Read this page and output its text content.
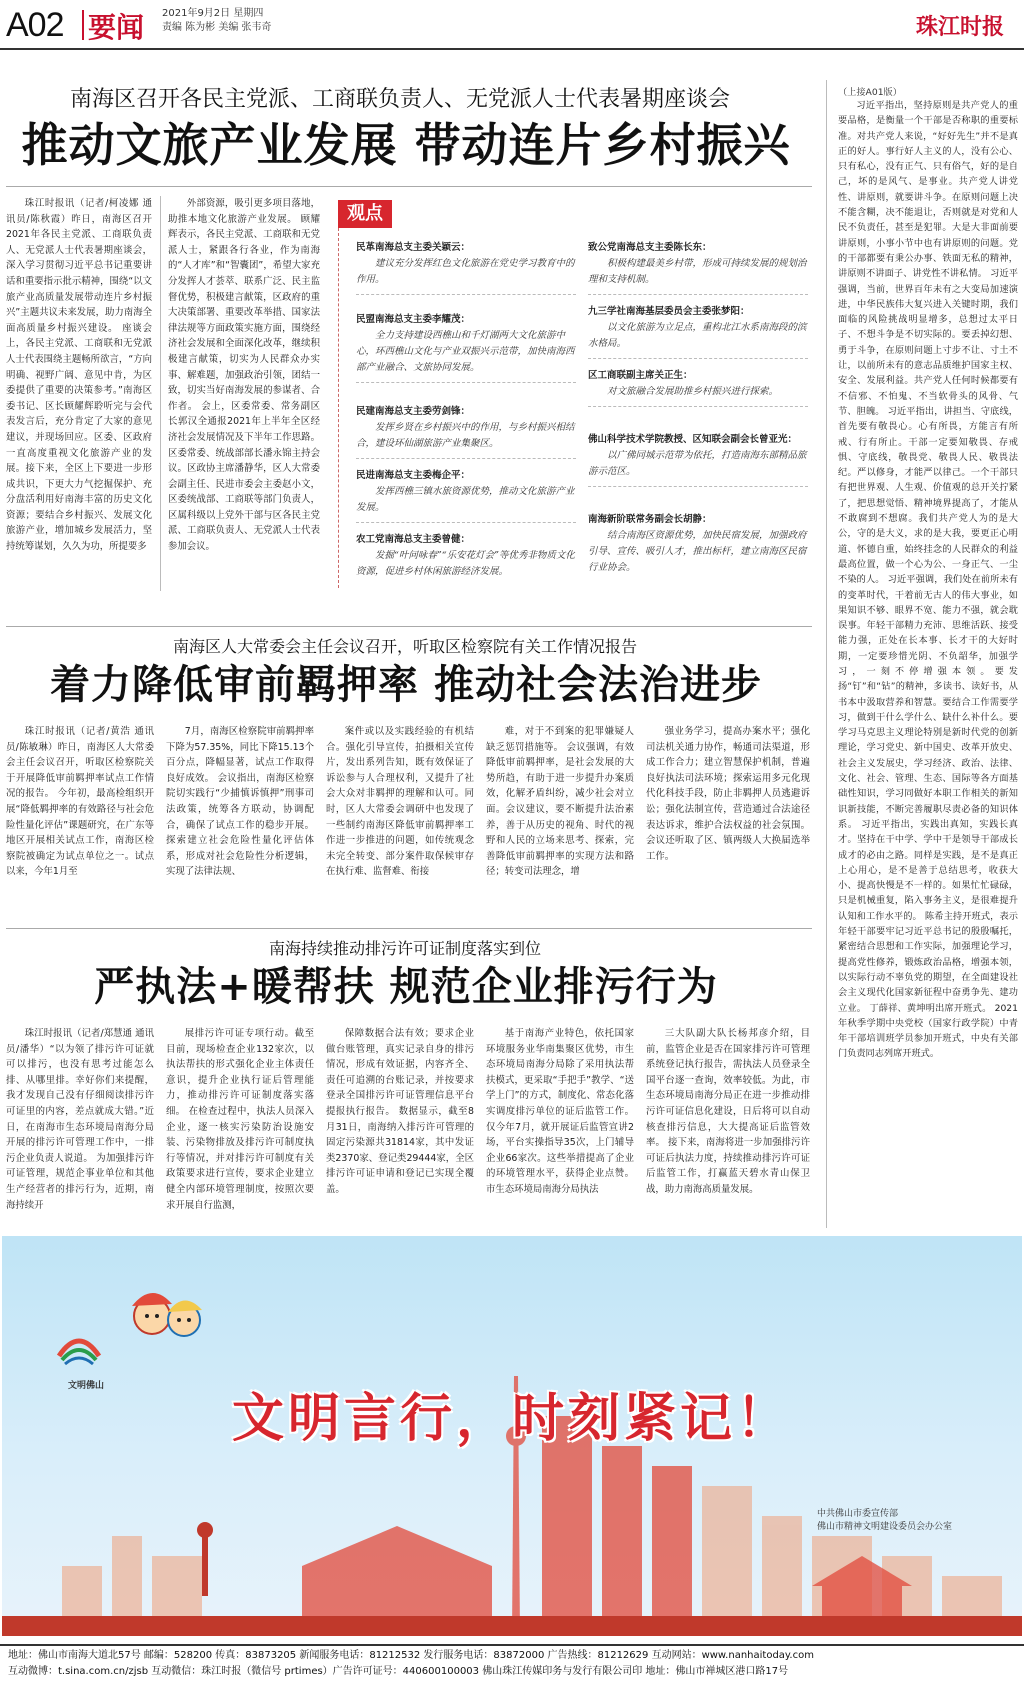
A02 要闻 2021年9月2日 星期四
责编 陈为彬 美编 张韦奇	珠江时报
南海区召开各民主党派、工商联负责人、无党派人士代表暑期座谈会
推动文旅产业发展 带动连片乡村振兴

珠江时报讯（记者/柯凌娜 通讯员/陈秋霞）昨日，南海区召开2021年各民主党派、工商联负责人、无党派人士代表暑期座谈会，深入学习贯彻习近平总书记重要讲话和重要指示批示精神，围绕“以文旅产业高质量发展带动连片乡村振兴”主题共议未来发展，助力南海全面高质量乡村振兴建设。 座谈会上，各民主党派、工商联和无党派人士代表围绕主题畅所欲言，“方向明确、视野广阔、意见中肯，为区委提供了重要的决策参考。”南海区委书记、区长顾耀辉聆听完与会代表发言后，充分肯定了大家的意见建议，并现场回应。区委、区政府一直高度重视文化旅游产业的发展。接下来，全区上下要进一步形成共识，下更大力气挖掘保护、充分盘活利用好南海丰富的历史文化资源；要结合乡村振兴、发展文化旅游产业，增加城乡发展活力，坚持统筹谋划，久久为功，所提要多

外部资源，吸引更多项目落地，助推本地文化旅游产业发展。 顾耀辉表示，各民主党派、工商联和无党派人士，紧跟各行各业，作为南海的“人才库”和“智囊团”，希望大家充分发挥人才荟萃、联系广泛、民主监督优势，积极建言献策，区政府的重大决策部署、重要改革举措、国家法律法规等方面政策实施方面，围绕经济社会发展和全面深化改革，继续积极建言献策，切实为人民群众办实事、解难题，加强政治引领，团结一致，切实当好南海发展的参谋者、合作者。 会上，区委常委、常务副区长郭汉全通报2021年上半年全区经济社会发展情况及下半年工作思路。区委常委、统战部部长潘永锦主持会议。区政协主席潘静华，区人大常委会副主任、民进市委会主委赵小文，区委统战部、工商联等部门负责人，区属科级以上党外干部与区各民主党派、工商联负责人、无党派人士代表参加会议。

观点
民革南海总支主委关颖云：
建议充分发挥红色文化旅游在党史学习教育中的作用。
民盟南海总支主委李耀茂：
全力支持建设西樵山和千灯湖两大文化旅游中心，环西樵山文化与产业双振兴示范带，加快南海西部产业融合、文旅协同发展。
民建南海总支主委劳剑锋：
发挥乡贤在乡村振兴中的作用，与乡村振兴相结合，建设环仙湖旅游产业集聚区。
民进南海总支主委梅企平：
发挥西樵三镇水旅资源优势，推动文化旅游产业发展。
农工党南海总支主委曾健：
发掘“叶问咏春”“乐安花灯会”等优秀非物质文化资源，促进乡村休闲旅游经济发展。
致公党南海总支主委陈长东：
积极构建最美乡村带，形成可持续发展的规划治理和支持机制。
九三学社南海基层委员会主委张梦阳：
以文化旅游为立足点，重构北江水系南海段的滨水格局。
区工商联副主席关正生：
对文旅融合发展助推乡村振兴进行探索。
佛山科学技术学院教授、区知联会副会长曾亚光：
以广佛同城示范带为依托，打造南海东部精品旅游示范区。
南海新阶联常务副会长胡静：
结合南海区资源优势，加快民宿发展，加强政府引导、宣传、吸引人才，推出标杆，建立南海区民宿行业协会。
南海区人大常委会主任会议召开，听取区检察院有关工作情况报告
着力降低审前羁押率 推动社会法治进步

珠江时报讯（记者/黄浩 通讯员/陈敏琳）昨日，南海区人大常委会主任会议召开，听取区检察院关于开展降低审前羁押率试点工作情况的报告。 今年初，最高检组织开展“降低羁押率的有效路径与社会危险性量化评估”课题研究，在广东等地区开展相关试点工作，南海区检察院被确定为试点单位之一。试点以来，今年1月至

7月，南海区检察院审前羁押率下降为57.35%，同比下降15.13个百分点，降幅显著，试点工作取得良好成效。 会议指出，南海区检察院切实践行“少捕慎诉慎押”刑事司法政策，统筹各方联动，协调配合，确保了试点工作的稳步开展。探索建立社会危险性量化评估体系，形成对社会危险性分析逻辑，实现了法律法规、

案件或以及实践经验的有机结合。强化引导宣传，拍摄相关宣传片，发出系列告知，既有效保证了诉讼参与人合理权利，又提升了社会大众对非羁押的理解和认可。同时，区人大常委会调研中也发现了一些制约南海区降低审前羁押率工作进一步推进的问题，如传统观念未完全转变、部分案件取保候审存在执行难、监督难、衔接

难，对于不到案的犯罪嫌疑人缺乏惩罚措施等。 会议强调，有效降低审前羁押率，是社会发展的大势所趋，有助于进一步提升办案质效，化解矛盾纠纷，减少社会对立面。会议建议，要不断提升法治素养，善于从历史的视角、时代的视野和人民的立场来思考、探索，完善降低审前羁押率的实现方法和路径；转变司法理念，增

强业务学习，提高办案水平；强化司法机关通力协作，畅通司法渠道，形成工作合力；建立智慧保护机制，普遍良好执法司法环境；探索运用多元化现代化科技手段，防止非羁押人员逃避诉讼；强化法制宣传，营造通过合法途径表达诉求，维护合法权益的社会氛围。 会议还听取了区、镇两级人大换届选举工作。

南海持续推动排污许可证制度落实到位
严执法+暖帮扶 规范企业排污行为

珠江时报讯（记者/郑慧通 通讯员/潘华）“以为领了排污许可证就可以排污，也没有思考过能怎么排、从哪里排。幸好你们来提醒，我才发现自己没有仔细阅读排污许可证里的内容，差点就成大错。”近日，在南海市生态环境局南海分局开展的排污许可管理工作中，一排污企业负责人说道。 为加强排污许可证管理，规范企事业单位和其他生产经营者的排污行为，近期，南海持续开

展排污许可证专项行动。截至目前，现场检查企业132家次，以执法帮扶的形式强化企业主体责任意识，提升企业执行证后管理能力，推动排污许可证制度落实落细。 在检查过程中，执法人员深入企业，逐一核实污染防治设施安装、污染物排放及排污许可制度执行等情况，并对排污许可制度有关政策要求进行宣传，要求企业建立健全内部环境管理制度，按照次要求开展自行监测，

保障数据合法有效；要求企业做台账管理，真实记录自身的排污情况，形成有效证据，内容齐全、责任可追溯的台账记录，并按要求登录全国排污许可证管理信息平台提报执行报告。 数据显示，截至8月31日，南海纳入排污许可管理的固定污染源共31814家，其中发证类2370家、登记类29444家，全区排污许可证申请和登记已实现全覆盖。

基于南海产业特色，依托国家环境服务业华南集聚区优势，市生态环境局南海分局除了采用执法帮扶模式，更采取“手把手”教学、“送学上门”的方式，制度化、常态化落实调度排污单位的证后监管工作。仅今年7月，就开展证后监管宣讲2场，平台实操指导35次，上门辅导企业66家次。这些举措提高了企业的环境管理水平，获得企业点赞。 市生态环境局南海分局执法

三大队副大队长杨邦彦介绍，目前，监管企业是否在国家排污许可管理系统登记执行报告，需执法人员登录全国平台逐一查询，效率较低。为此，市生态环境局南海分局正在进一步推动排污许可证信息化建设，日后将可以自动核查排污信息，大大提高证后监管效率。 接下来，南海将进一步加强排污许可证后执法力度，持续推动排污许可证后监管工作，打赢蓝天碧水青山保卫战，助力南海高质量发展。

（上接A01版）

习近平指出，坚持原则是共产党人的重要品格，是衡量一个干部是否称职的重要标准。对共产党人来说，“好好先生”并不是真正的好人。事行好人主义的人，没有公心、只有私心，没有正气、只有俗气，好的是自己，坏的是风气、是事业。共产党人讲党性、讲原则，就要讲斗争。在原则问题上决不能含糊，决不能退让，否则就是对党和人民不负责任，甚至是犯罪。大是大非面前要讲原则，小事小节中也有讲原则的问题。党的干部都要有秉公办事、铁面无私的精神，讲原则不讲面子、讲党性不讲私情。 习近平强调，当前，世界百年未有之大变局加速演进，中华民族伟大复兴进入关键时期，我们面临的风险挑战明显增多，总想过太平日子、不想斗争是不切实际的。要丢掉幻想、勇于斗争，在原则问题上寸步不让、寸土不让，以前所未有的意志品质维护国家主权、安全、发展利益。共产党人任何时候都要有不信邪、不怕鬼、不当软骨头的风骨、气节、胆魄。 习近平指出，讲担当、守底线，首先要有敬畏心。心有所畏，方能言有所戒、行有所止。干部一定要知敬畏、存戒惧、守底线，敬畏党、敬畏人民、敬畏法纪。严以修身，才能严以律己。一个干部只有把世界观、人生观、价值观的总开关拧紧了，把思想觉悟、精神境界提高了，才能从不敢腐到不想腐。我们共产党人为的是大公，守的是大义，求的是大我，要更正心明道、怀德自重，始终挂念的人民群众的利益最高位置，做一个心为公、一身正气、一尘不染的人。 习近平强调，我们处在前所未有的变革时代，干着前无古人的伟大事业，如果知识不够、眼界不宽、能力不强，就会耽误事。年轻干部精力充沛、思维活跃、接受能力强，正处在长本事、长才干的大好时期，一定要珍惜光阴、不负韶华，加强学习，一刻不停增强本领。要发扬“钉”和“钻”的精神，多读书、读好书，从书本中汲取营养和智慧。要结合工作需要学习，做到干什么学什么、缺什么补什么。要学习马克思主义理论特别是新时代党的创新理论，学习党史、新中国史、改革开放史、社会主义发展史，学习经济、政治、法律、文化、社会、管理、生态、国际等各方面基础性知识，学习同做好本职工作相关的新知识新技能，不断完善履职尽责必备的知识体系。 习近平指出，实践出真知，实践长真才。坚持在干中学、学中干是领导干部成长成才的必由之路。同样是实践，是不是真正上心用心，是不是善于总结思考，收获大小、提高快慢是不一样的。如果忙忙碌碌，只是机械重复，陷入事务主义，是很难提升认知和工作水平的。 陈希主持开班式，表示年轻干部要牢记习近平总书记的殷殷嘱托，紧密结合思想和工作实际，加强理论学习，提高党性修养，锻炼政治品格，增强本领，以实际行动不辜负党的期望，在全面建设社会主义现代化国家新征程中奋勇争先、建功立业。 丁薛祥、黄坤明出席开班式。 2021年秋季学期中央党校（国家行政学院）中青年干部培训班学员参加开班式，中央有关部门负责同志列席开班式。

文明佛山
文明言行，时刻紧记！
中共佛山市委宣传部
佛山市精神文明建设委员会办公室
地址：佛山市南海大道北57号 邮编：528200 传真：83873205 新闻服务电话：81212532 发行服务电话：83872000 广告热线：81212629 互动网站：www.nanhaitoday.com
互动微博：t.sina.com.cn/zjsb 互动微信：珠江时报（微信号 prtimes）广告许可证号：440600100003 佛山珠江传媒印务与发行有限公司印 地址：佛山市禅城区港口路17号
